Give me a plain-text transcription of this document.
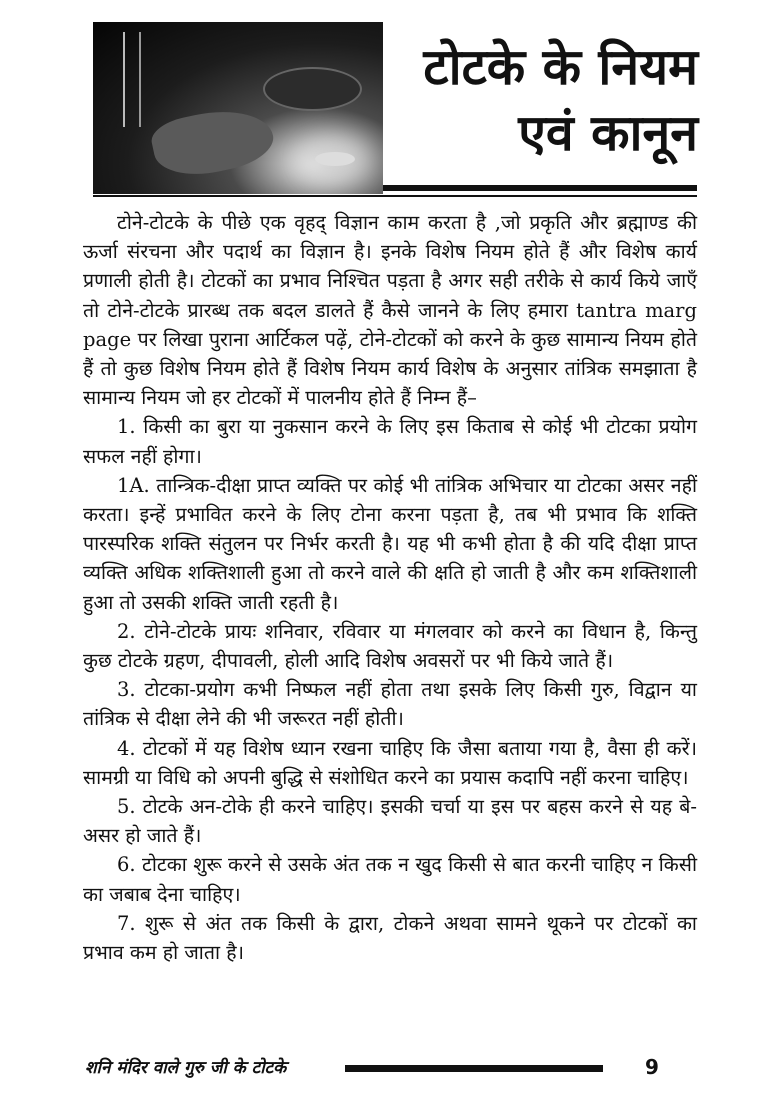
टोटके के नियम
एवं कानून

टोने-टोटके के पीछे एक वृहद् विज्ञान काम करता है ,जो प्रकृति और ब्रह्माण्ड की ऊर्जा संरचना और पदार्थ का विज्ञान है। इनके विशेष नियम होते हैं और विशेष कार्य प्रणाली होती है। टोटकों का प्रभाव निश्चित पड़ता है अगर सही तरीके से कार्य किये जाएँ तो टोने-टोटके प्रारब्ध तक बदल डालते हैं कैसे जानने के लिए हमारा tantra marg page पर लिखा पुराना आर्टिकल पढ़ें, टोने-टोटकों को करने के कुछ सामान्य नियम होते हैं तो कुछ विशेष नियम होते हैं विशेष नियम कार्य विशेष के अनुसार तांत्रिक समझाता है सामान्य नियम जो हर टोटकों में पालनीय होते हैं निम्न हैं–

1. किसी का बुरा या नुकसान करने के लिए इस किताब से कोई भी टोटका प्रयोग सफल नहीं होगा।

1A. तान्त्रिक-दीक्षा प्राप्त व्यक्ति पर कोई भी तांत्रिक अभिचार या टोटका असर नहीं करता। इन्हें प्रभावित करने के लिए टोना करना पड़ता है, तब भी प्रभाव कि शक्ति पारस्परिक शक्ति संतुलन पर निर्भर करती है। यह भी कभी होता है की यदि दीक्षा प्राप्त व्यक्ति अधिक शक्तिशाली हुआ तो करने वाले की क्षति हो जाती है और कम शक्तिशाली हुआ तो उसकी शक्ति जाती रहती है।

2. टोने-टोटके प्रायः शनिवार, रविवार या मंगलवार को करने का विधान है, किन्तु कुछ टोटके ग्रहण, दीपावली, होली आदि विशेष अवसरों पर भी किये जाते हैं।

3. टोटका-प्रयोग कभी निष्फल नहीं होता तथा इसके लिए किसी गुरु, विद्वान या तांत्रिक से दीक्षा लेने की भी जरूरत नहीं होती।

4. टोटकों में यह विशेष ध्यान रखना चाहिए कि जैसा बताया गया है, वैसा ही करें। सामग्री या विधि को अपनी बुद्धि से संशोधित करने का प्रयास कदापि नहीं करना चाहिए।

5. टोटके अन-टोके ही करने चाहिए। इसकी चर्चा या इस पर बहस करने से यह बे-असर हो जाते हैं।

6. टोटका शुरू करने से उसके अंत तक न खुद किसी से बात करनी चाहिए न किसी का जबाब देना चाहिए।

7. शुरू से अंत तक किसी के द्वारा, टोकने अथवा सामने थूकने पर टोटकों का प्रभाव कम हो जाता है।

शनि मंदिर वाले गुरु जी के टोटके	9
